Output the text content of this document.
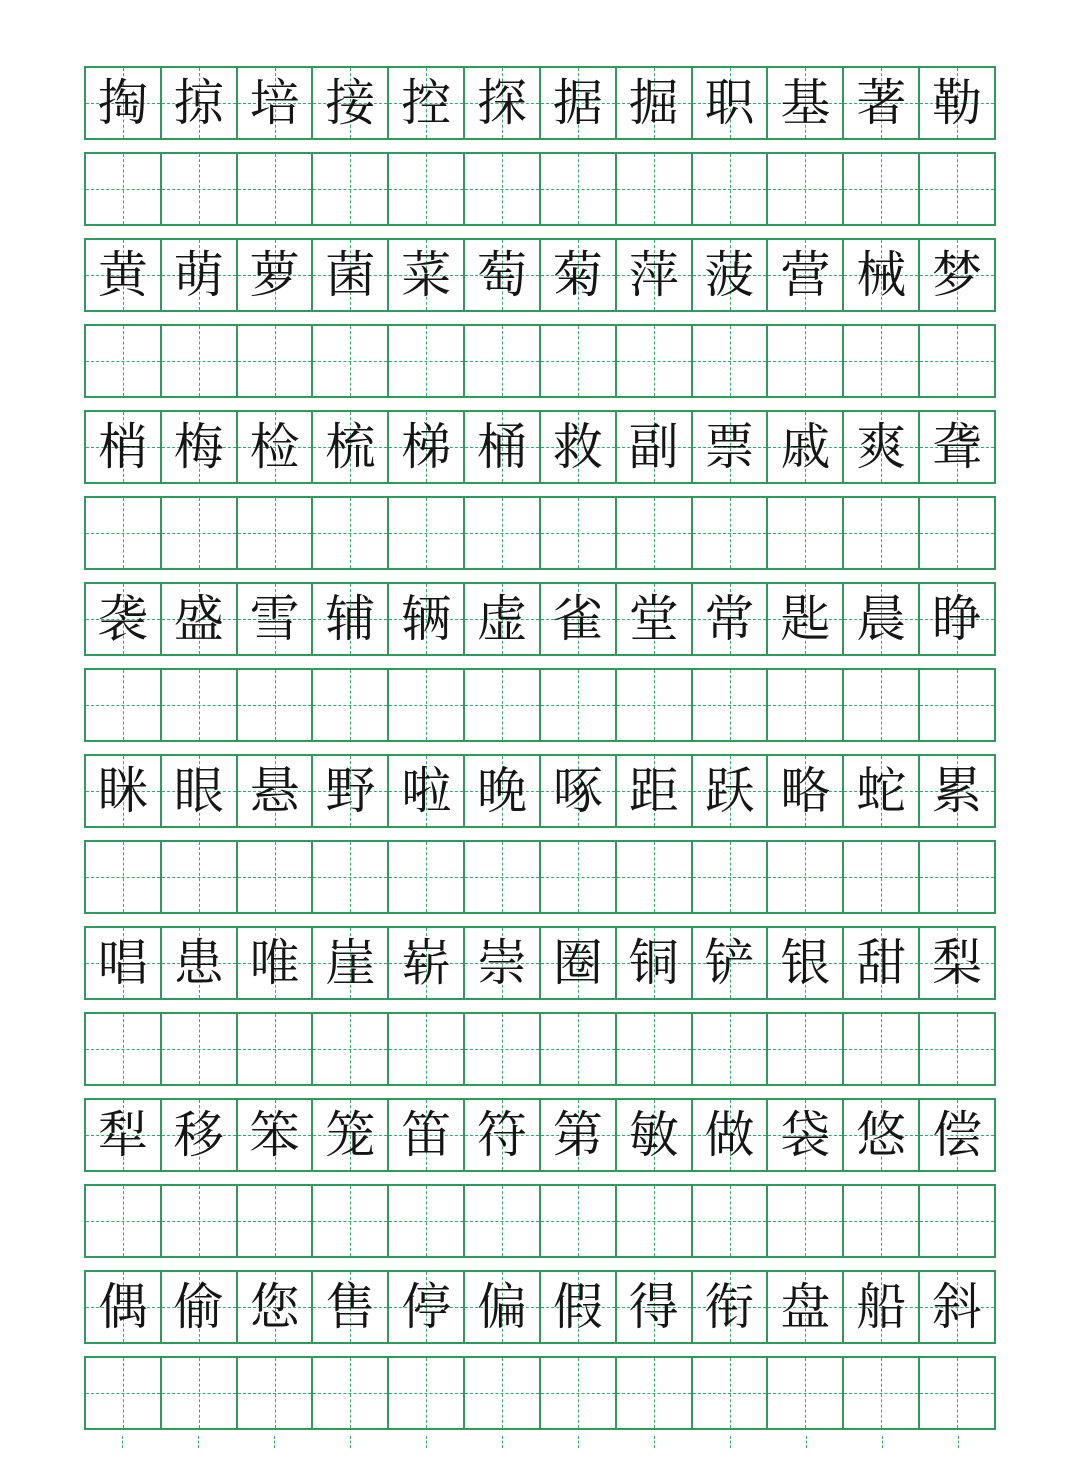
掏 掠 培 接 控 探 据 掘 职 基 著 勒
黄 萌 萝 菌 菜 萄 菊 萍 菠 营 械 梦
梢 梅 检 梳 梯 桶 救 副 票 戚 爽 聋
袭 盛 雪 辅 辆 虚 雀 堂 常 匙 晨 睁
眯 眼 悬 野 啦 晚 啄 距 跃 略 蛇 累
唱 患 唯 崖 崭 崇 圈 铜 铲 银 甜 梨
犁 移 笨 笼 笛 符 第 敏 做 袋 悠 偿
偶 偷 您 售 停 偏 假 得 衔 盘 船 斜
